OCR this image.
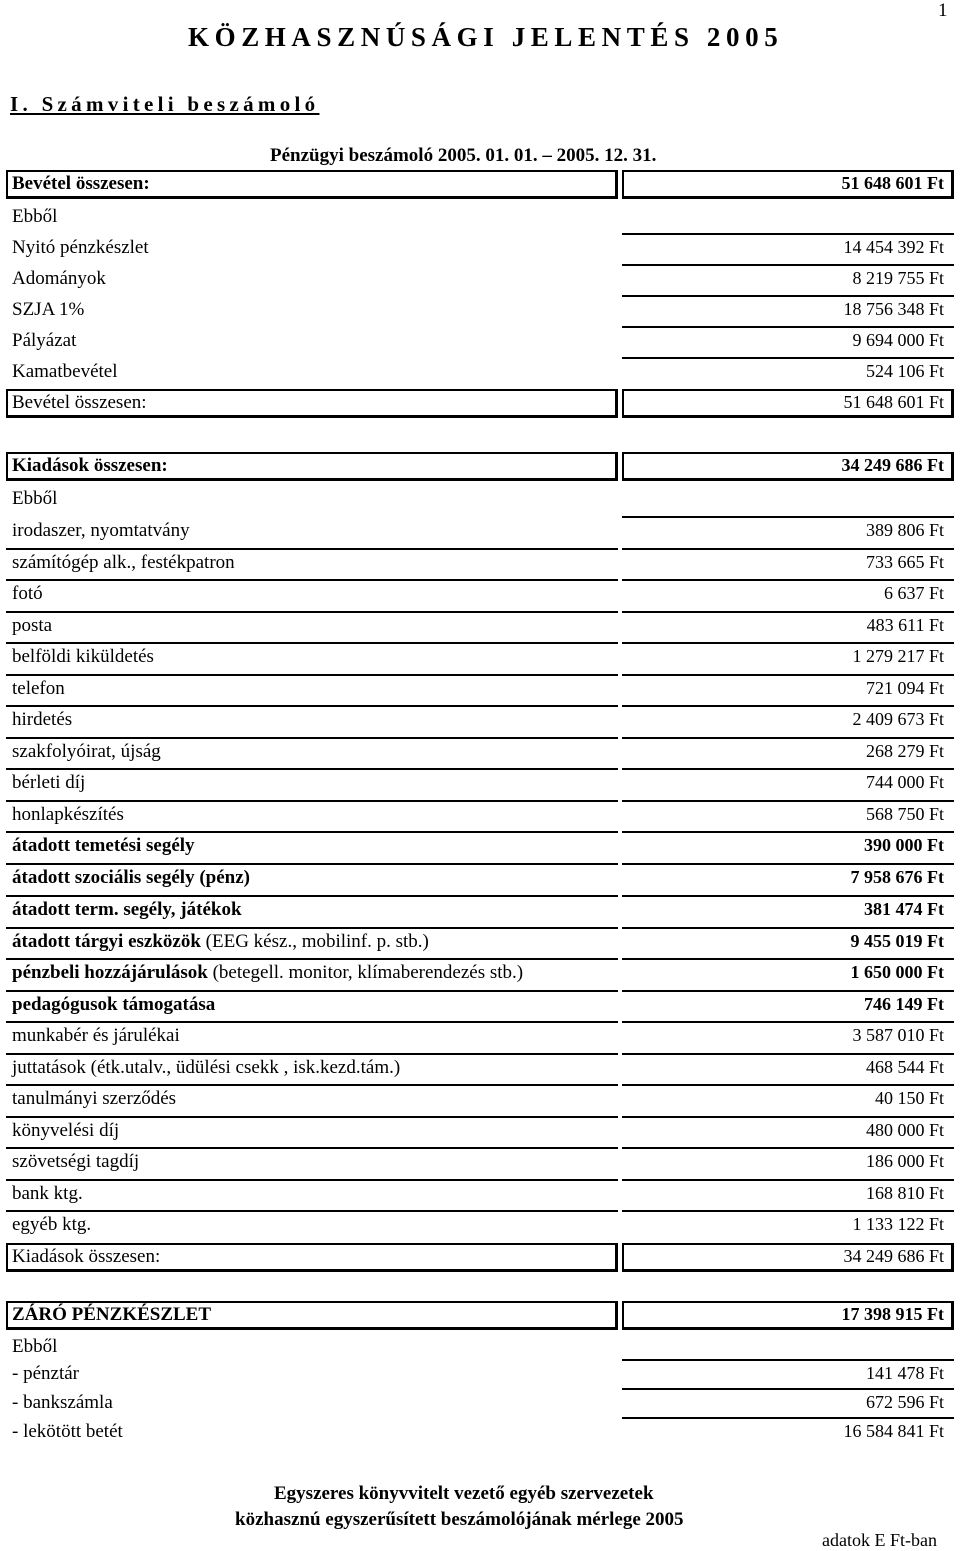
1
KÖZHASZNÚSÁGI JELENTÉS 2005
I. Számviteli beszámoló
Pénzügyi beszámoló 2005. 01. 01. – 2005. 12. 31.
Bevétel összesen:	51 648 601 Ft
Ebből
Nyitó pénzkészlet	14 454 392 Ft
Adományok	8 219 755 Ft
SZJA 1%	18 756 348 Ft
Pályázat	9 694 000 Ft
Kamatbevétel	524 106 Ft
Bevétel összesen:	51 648 601 Ft
Kiadások összesen:	34 249 686 Ft
Ebből
irodaszer, nyomtatvány	389 806 Ft
számítógép alk., festékpatron	733 665 Ft
fotó	6 637 Ft
posta	483 611 Ft
belföldi kiküldetés	1 279 217 Ft
telefon	721 094 Ft
hirdetés	2 409 673 Ft
szakfolyóirat, újság	268 279 Ft
bérleti díj	744 000 Ft
honlapkészítés	568 750 Ft
átadott temetési segély	390 000 Ft
átadott szociális segély (pénz)	7 958 676 Ft
átadott term. segély, játékok	381 474 Ft
átadott tárgyi eszközök (EEG kész., mobilinf. p. stb.)	9 455 019 Ft
pénzbeli hozzájárulások (betegell. monitor, klímaberendezés stb.)	1 650 000 Ft
pedagógusok támogatása	746 149 Ft
munkabér és járulékai	3 587 010 Ft
juttatások (étk.utalv., üdülési csekk , isk.kezd.tám.)	468 544 Ft
tanulmányi szerződés	40 150 Ft
könyvelési díj	480 000 Ft
szövetségi tagdíj	186 000 Ft
bank ktg.	168 810 Ft
egyéb ktg.	1 133 122 Ft
Kiadások összesen:	34 249 686 Ft
ZÁRÓ PÉNZKÉSZLET	17 398 915 Ft
Ebből
- pénztár	141 478 Ft
- bankszámla	672 596 Ft
- lekötött betét	16 584 841 Ft
Egyszeres könyvvitelt vezető egyéb szervezetek
közhasznú egyszerűsített beszámolójának mérlege 2005
adatok E Ft-ban
